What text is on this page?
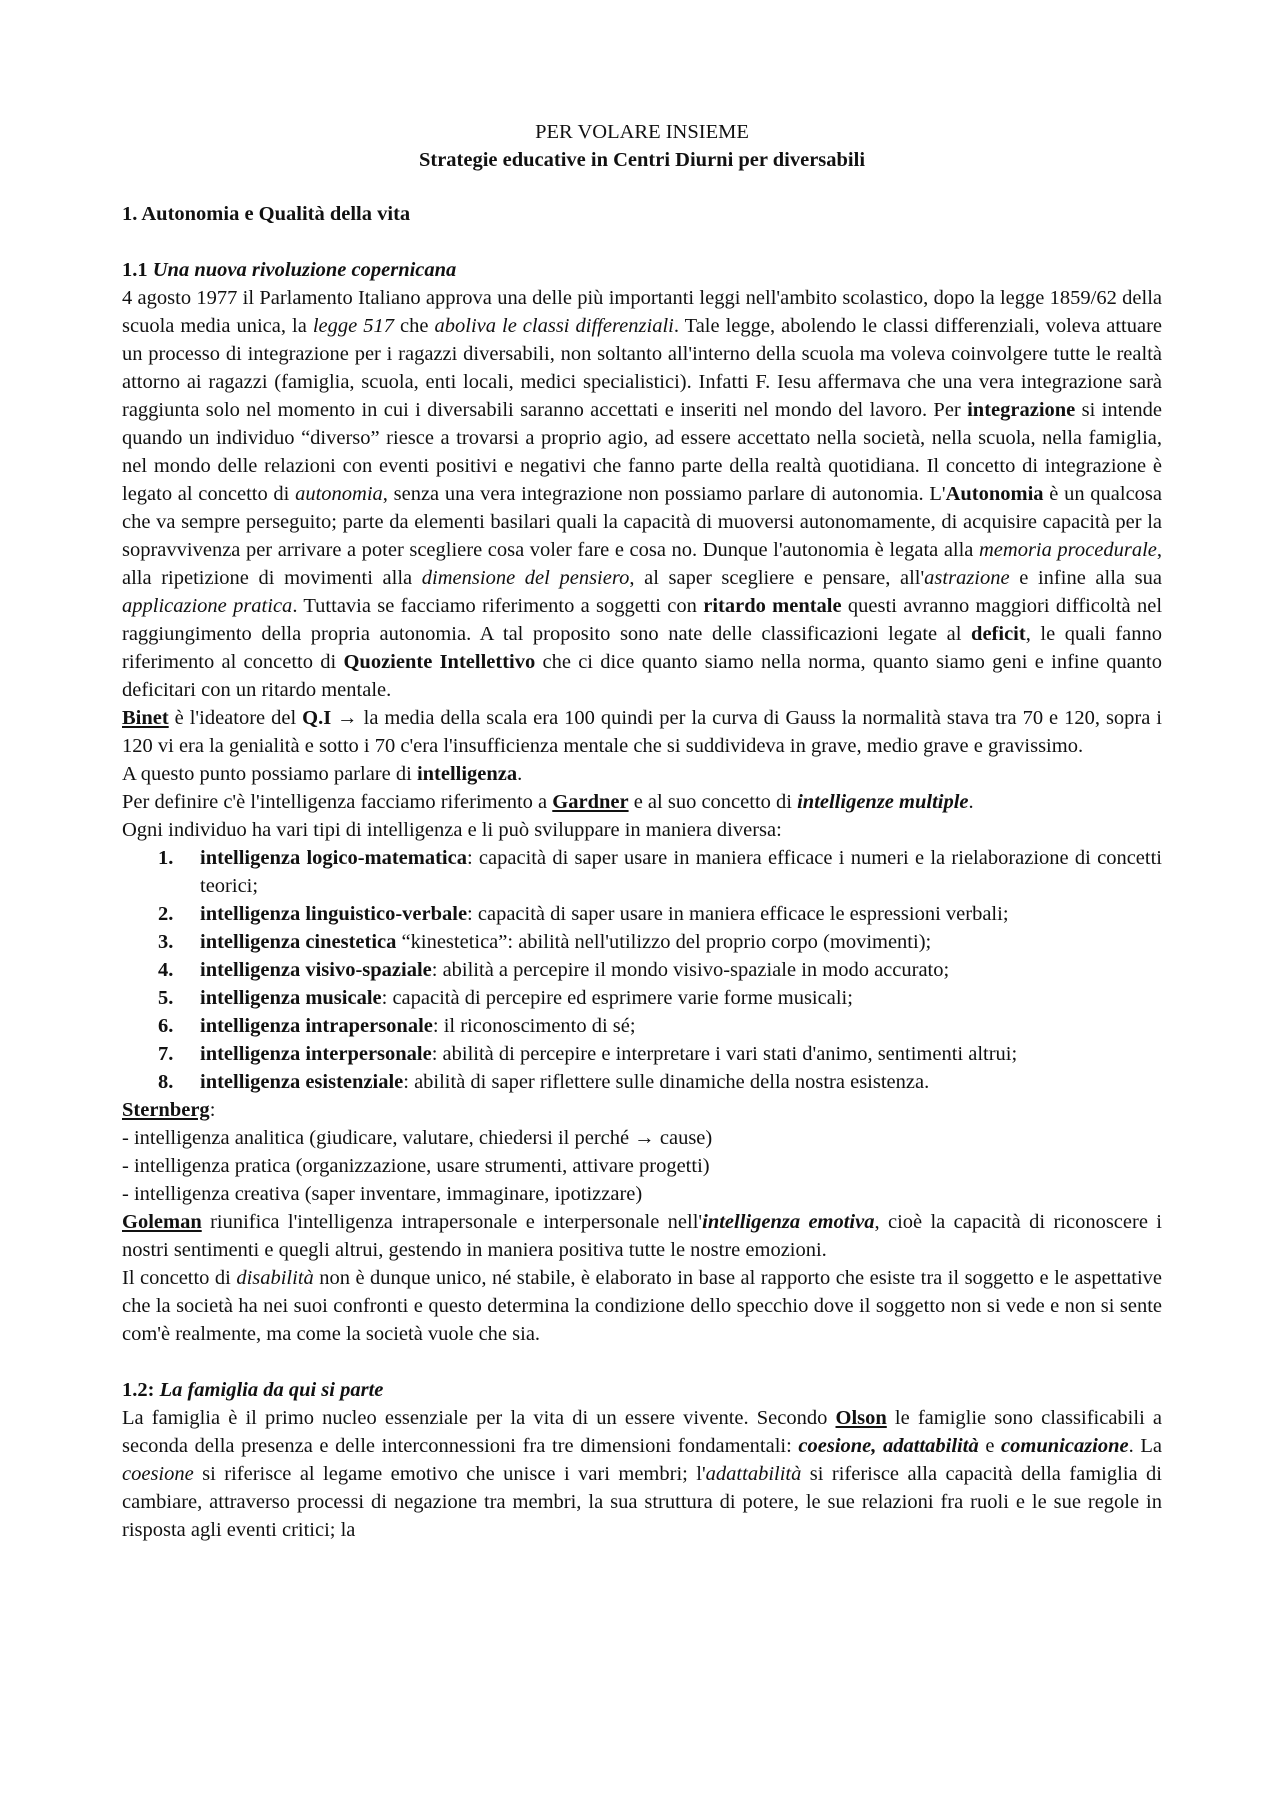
PER VOLARE INSIEME

Strategie educative in Centri Diurni per diversabili

1. Autonomia e Qualità della vita

1.1 Una nuova rivoluzione copernicana

4 agosto 1977 il Parlamento Italiano approva una delle più importanti leggi nell'ambito scolastico, dopo la legge 1859/62 della scuola media unica, la legge 517 che aboliva le classi differenziali. Tale legge, abolendo le classi differenziali, voleva attuare un processo di integrazione per i ragazzi diversabili, non soltanto all'interno della scuola ma voleva coinvolgere tutte le realtà attorno ai ragazzi (famiglia, scuola, enti locali, medici specialistici). Infatti F. Iesu affermava che una vera integrazione sarà raggiunta solo nel momento in cui i diversabili saranno accettati e inseriti nel mondo del lavoro. Per integrazione si intende quando un individuo “diverso” riesce a trovarsi a proprio agio, ad essere accettato nella società, nella scuola, nella famiglia, nel mondo delle relazioni con eventi positivi e negativi che fanno parte della realtà quotidiana. Il concetto di integrazione è legato al concetto di autonomia, senza una vera integrazione non possiamo parlare di autonomia. L'Autonomia è un qualcosa che va sempre perseguito; parte da elementi basilari quali la capacità di muoversi autonomamente, di acquisire capacità per la sopravvivenza per arrivare a poter scegliere cosa voler fare e cosa no. Dunque l'autonomia è legata alla memoria procedurale, alla ripetizione di movimenti alla dimensione del pensiero, al saper scegliere e pensare, all'astrazione e infine alla sua applicazione pratica. Tuttavia se facciamo riferimento a soggetti con ritardo mentale questi avranno maggiori difficoltà nel raggiungimento della propria autonomia. A tal proposito sono nate delle classificazioni legate al deficit, le quali fanno riferimento al concetto di Quoziente Intellettivo che ci dice quanto siamo nella norma, quanto siamo geni e infine quanto deficitari con un ritardo mentale.

Binet è l'ideatore del Q.I → la media della scala era 100 quindi per la curva di Gauss la normalità stava tra 70 e 120, sopra i 120 vi era la genialità e sotto i 70 c'era l'insufficienza mentale che si suddivideva in grave, medio grave e gravissimo.

A questo punto possiamo parlare di intelligenza.

Per definire c'è l'intelligenza facciamo riferimento a Gardner e al suo concetto di intelligenze multiple.

Ogni individuo ha vari tipi di intelligenza e li può sviluppare in maniera diversa:

1.	intelligenza logico-matematica: capacità di saper usare in maniera efficace i numeri e la rielaborazione di concetti teorici;
2.	intelligenza linguistico-verbale: capacità di saper usare in maniera efficace le espressioni verbali;
3.	intelligenza cinestetica “kinestetica”: abilità nell'utilizzo del proprio corpo (movimenti);
4.	intelligenza visivo-spaziale: abilità a percepire il mondo visivo-spaziale in modo accurato;
5.	intelligenza musicale: capacità di percepire ed esprimere varie forme musicali;
6.	intelligenza intrapersonale: il riconoscimento di sé;
7.	intelligenza interpersonale: abilità di percepire e interpretare i vari stati d'animo, sentimenti altrui;
8.	intelligenza esistenziale: abilità di saper riflettere sulle dinamiche della nostra esistenza.

Sternberg:

- intelligenza analitica (giudicare, valutare, chiedersi il perché → cause)

- intelligenza pratica (organizzazione, usare strumenti, attivare progetti)

- intelligenza creativa (saper inventare, immaginare, ipotizzare)

Goleman riunifica l'intelligenza intrapersonale e interpersonale nell'intelligenza emotiva, cioè la capacità di riconoscere i nostri sentimenti e quegli altrui, gestendo in maniera positiva tutte le nostre emozioni.

Il concetto di disabilità non è dunque unico, né stabile, è elaborato in base al rapporto che esiste tra il soggetto e le aspettative che la società ha nei suoi confronti e questo determina la condizione dello specchio dove il soggetto non si vede e non si sente com'è realmente, ma come la società vuole che sia.

1.2: La famiglia da qui si parte

La famiglia è il primo nucleo essenziale per la vita di un essere vivente. Secondo Olson le famiglie sono classificabili a seconda della presenza e delle interconnessioni fra tre dimensioni fondamentali: coesione, adattabilità e comunicazione. La coesione si riferisce al legame emotivo che unisce i vari membri; l'adattabilità si riferisce alla capacità della famiglia di cambiare, attraverso processi di negazione tra membri, la sua struttura di potere, le sue relazioni fra ruoli e le sue regole in risposta agli eventi critici; la
